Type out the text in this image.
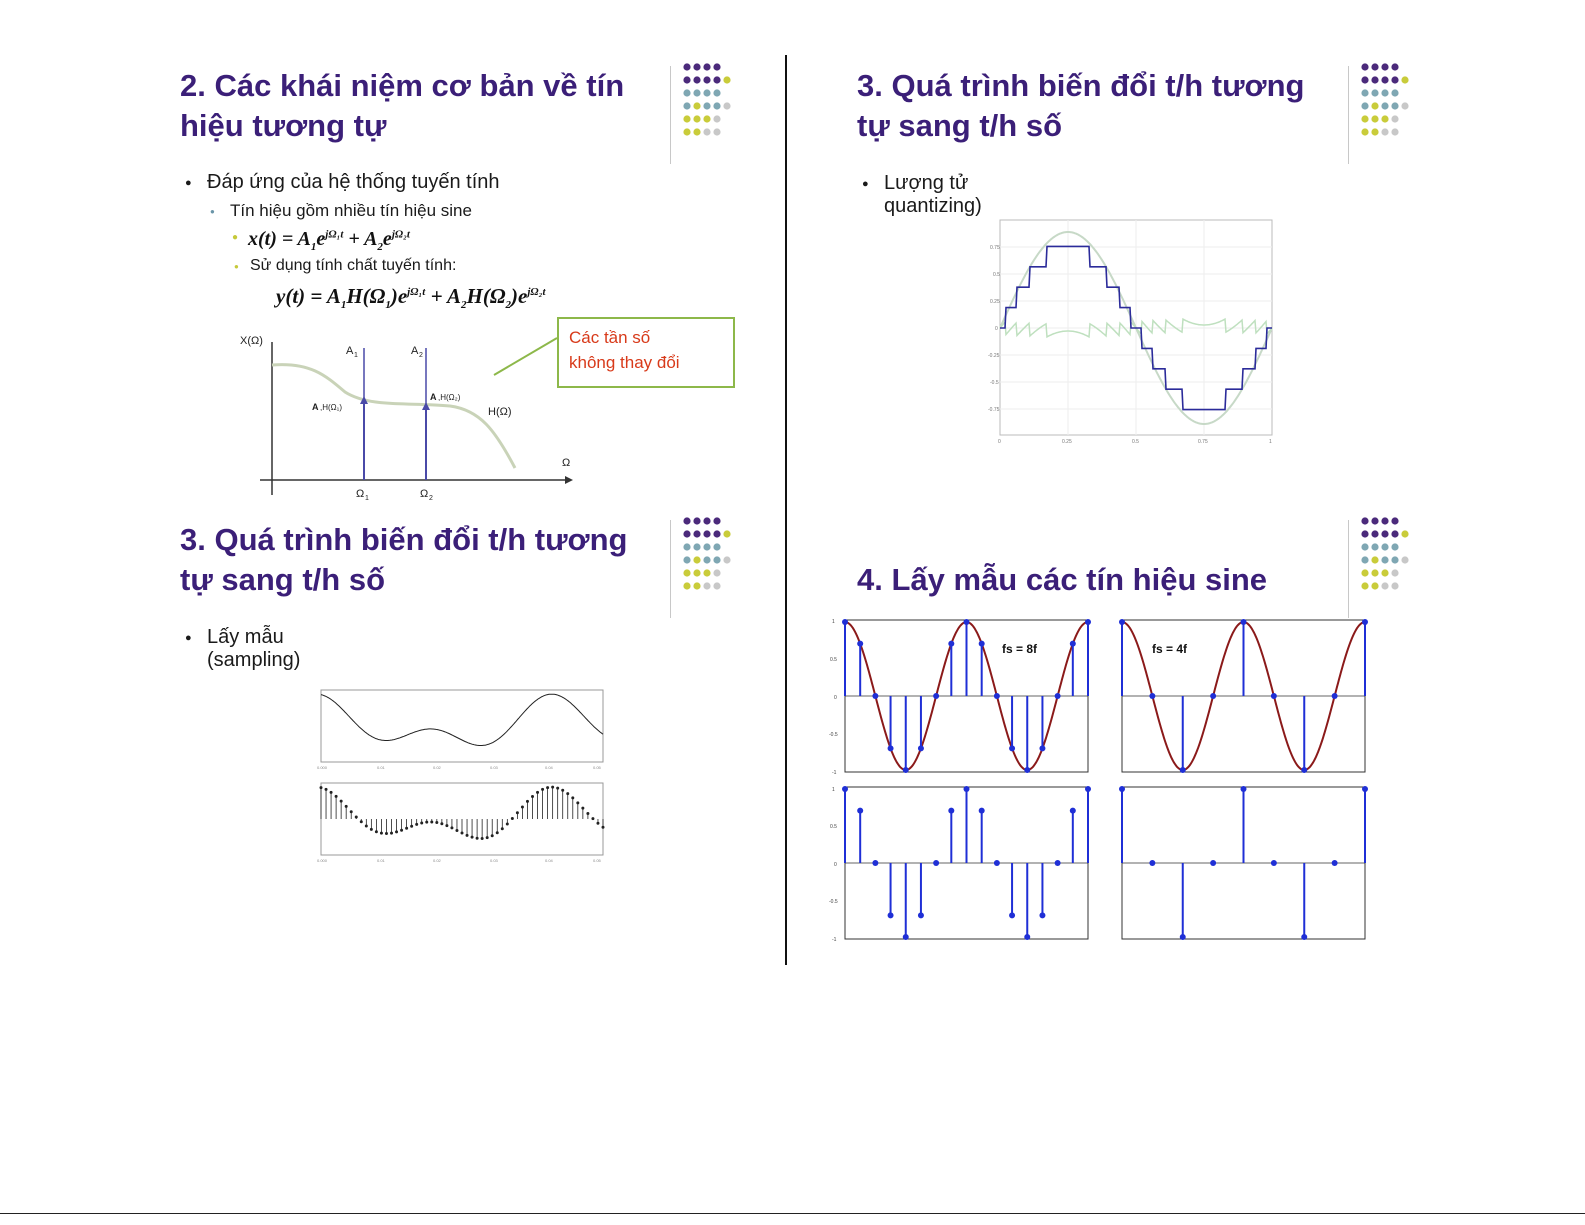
2. Các khái niệm cơ bản về tín
hiệu tương tự
● Đáp ứng của hệ thống tuyến tính
● Tín hiệu gồm nhiều tín hiệu sine
● $x(t) = A_1e^{j\Omega_1t} + A_2e^{j\Omega_2t}$
● Sử dụng tính chất tuyến tính:
$y(t) = A_1H(\Omega_1)e^{j\Omega_1t} + A_2H(\Omega_2)e^{j\Omega_2t}$
Các tần số
không thay đổi
X(Ω)
Ω
A 1	A 2
A ,H(Ω₁)
A ,H(Ω₂)
H(Ω)
Ω 1	Ω 2
3. Quá trình biến đổi t/h tương
tự sang t/h số
● Lượng tử quantizing)
0.75
0.5
0.25
0
-0.25
-0.5
-0.75
0	0.25	0.5	0.75	1
3. Quá trình biến đổi t/h tương
tự sang t/h số
● Lấy mẫu (sampling)
0.000	0.01	0.02	0.03	0.04	0.05
0.000	0.01	0.02	0.03	0.04	0.05
4. Lấy mẫu các tín hiệu sine
fs = 8f	fs = 4f
1
0.5
0
-0.5
-1
1
0.5
0
-0.5
-1
